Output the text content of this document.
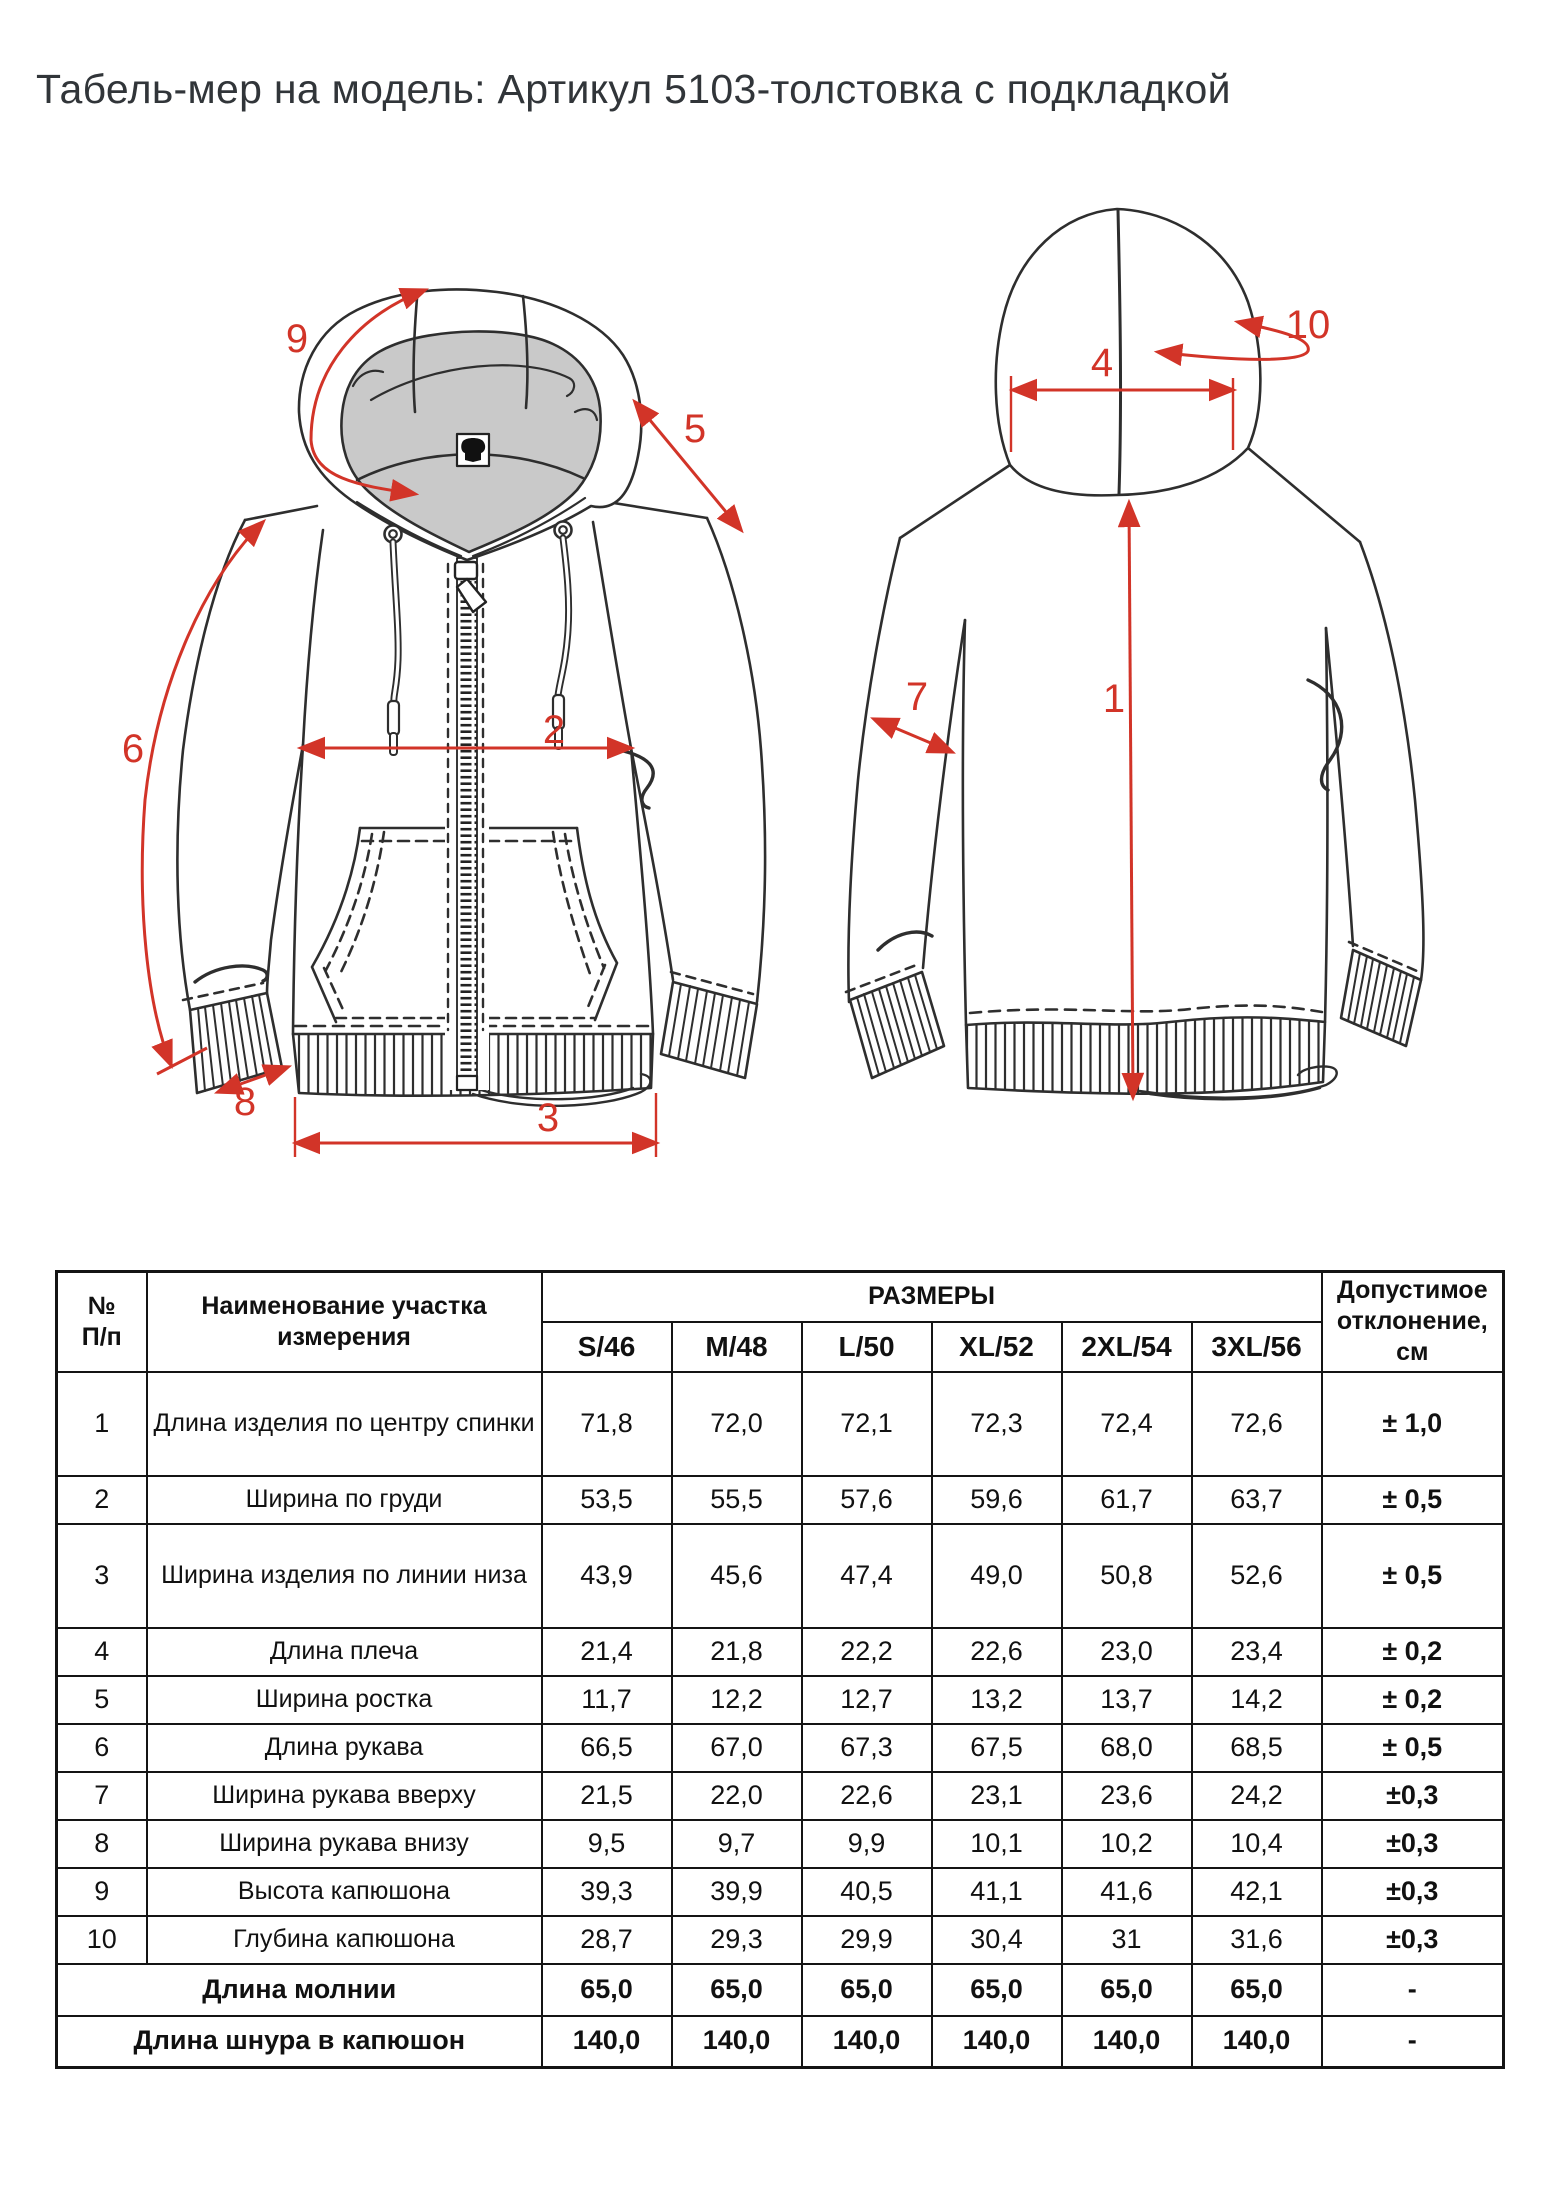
Табель-мер на модель: Артикул 5103-толстовка с подкладкой
9
5
6	2
8	3
4
10
1
7
№
П/п

Наименование участка
измерения
	РАЗМЕРЫ	Допустимое
отклонение, см

		S/46	M/48	L/50	XL/52	2XL/54	3XL/56	
1	Длина изделия по центру спинки	71,8	72,0	72,1	72,3	72,4	72,6	± 1,0
2	Ширина по груди	53,5	55,5	57,6	59,6	61,7	63,7	± 0,5
3	Ширина изделия по линии низа	43,9	45,6	47,4	49,0	50,8	52,6	± 0,5
4	Длина плеча	21,4	21,8	22,2	22,6	23,0	23,4	± 0,2
5	Ширина ростка	11,7	12,2	12,7	13,2	13,7	14,2	± 0,2
6	Длина рукава	66,5	67,0	67,3	67,5	68,0	68,5	± 0,5
7	Ширина рукава вверху	21,5	22,0	22,6	23,1	23,6	24,2	±0,3
8	Ширина рукава внизу	9,5	9,7	9,9	10,1	10,2	10,4	±0,3
9	Высота капюшона	39,3	39,9	40,5	41,1	41,6	42,1	±0,3
10	Глубина капюшона	28,7	29,3	29,9	30,4	31	31,6	±0,3
Длина молнии		65,0	65,0	65,0	65,0	65,0	65,0	-
Длина шнура в капюшон		140,0	140,0	140,0	140,0	140,0	140,0	-
